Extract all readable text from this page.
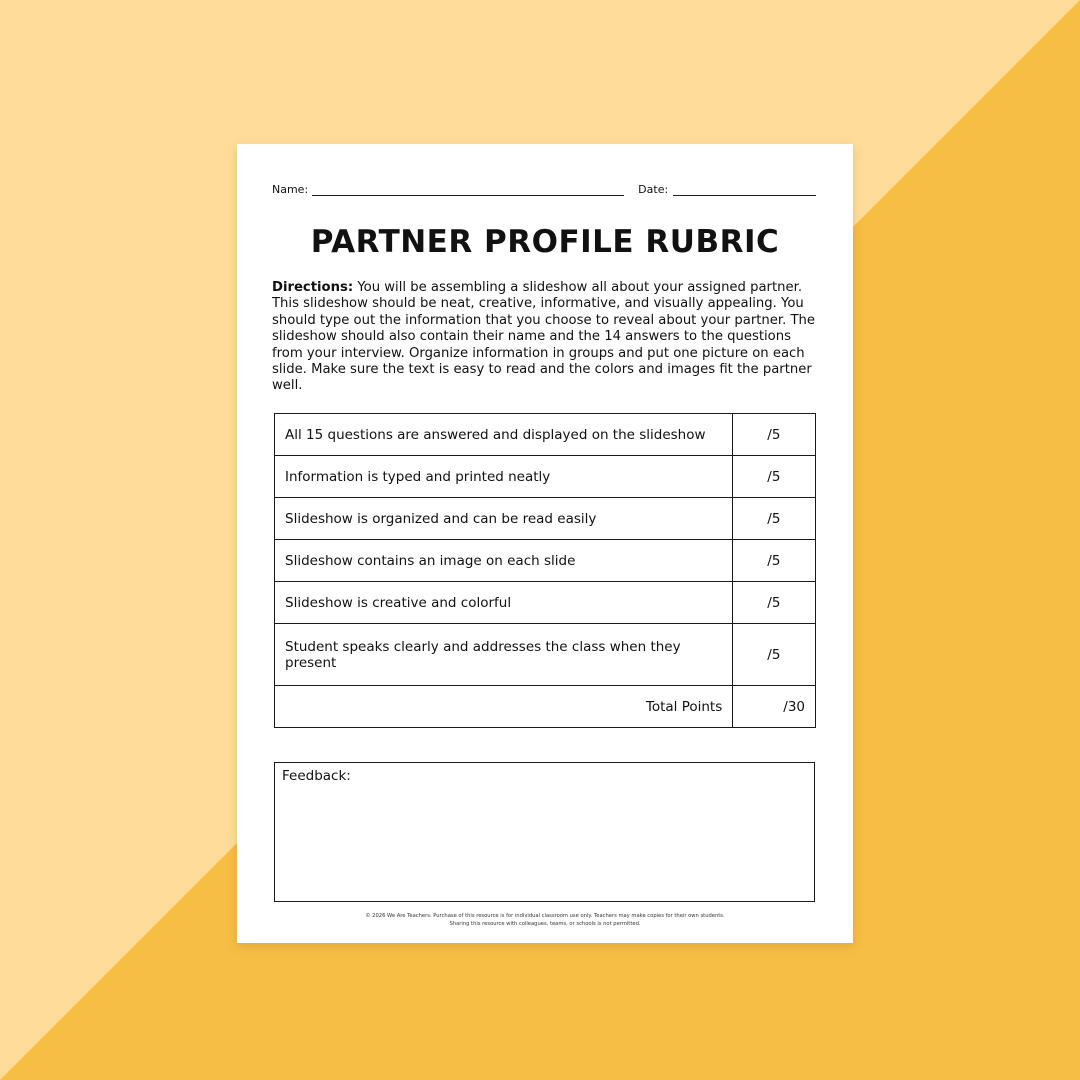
Name:	Date:
PARTNER PROFILE RUBRIC
Directions: You will be assembling a slideshow all about your assigned partner. This slideshow should be neat, creative, informative, and visually appealing. You should type out the information that you choose to reveal about your partner. The slideshow should also contain their name and the 14 answers to the questions from your interview. Organize information in groups and put one picture on each slide. Make sure the text is easy to read and the colors and images fit the partner well.
All 15 questions are answered and displayed on the slideshow	/5
Information is typed and printed neatly	/5
Slideshow is organized and can be read easily	/5
Slideshow contains an image on each slide	/5
Slideshow is creative and colorful	/5
Student speaks clearly and addresses the class when they present	/5
Total Points	/30
Feedback:
© 2026 We Are Teachers. Purchase of this resource is for individual classroom use only. Teachers may make copies for their own students.
Sharing this resource with colleagues, teams, or schools is not permitted.
